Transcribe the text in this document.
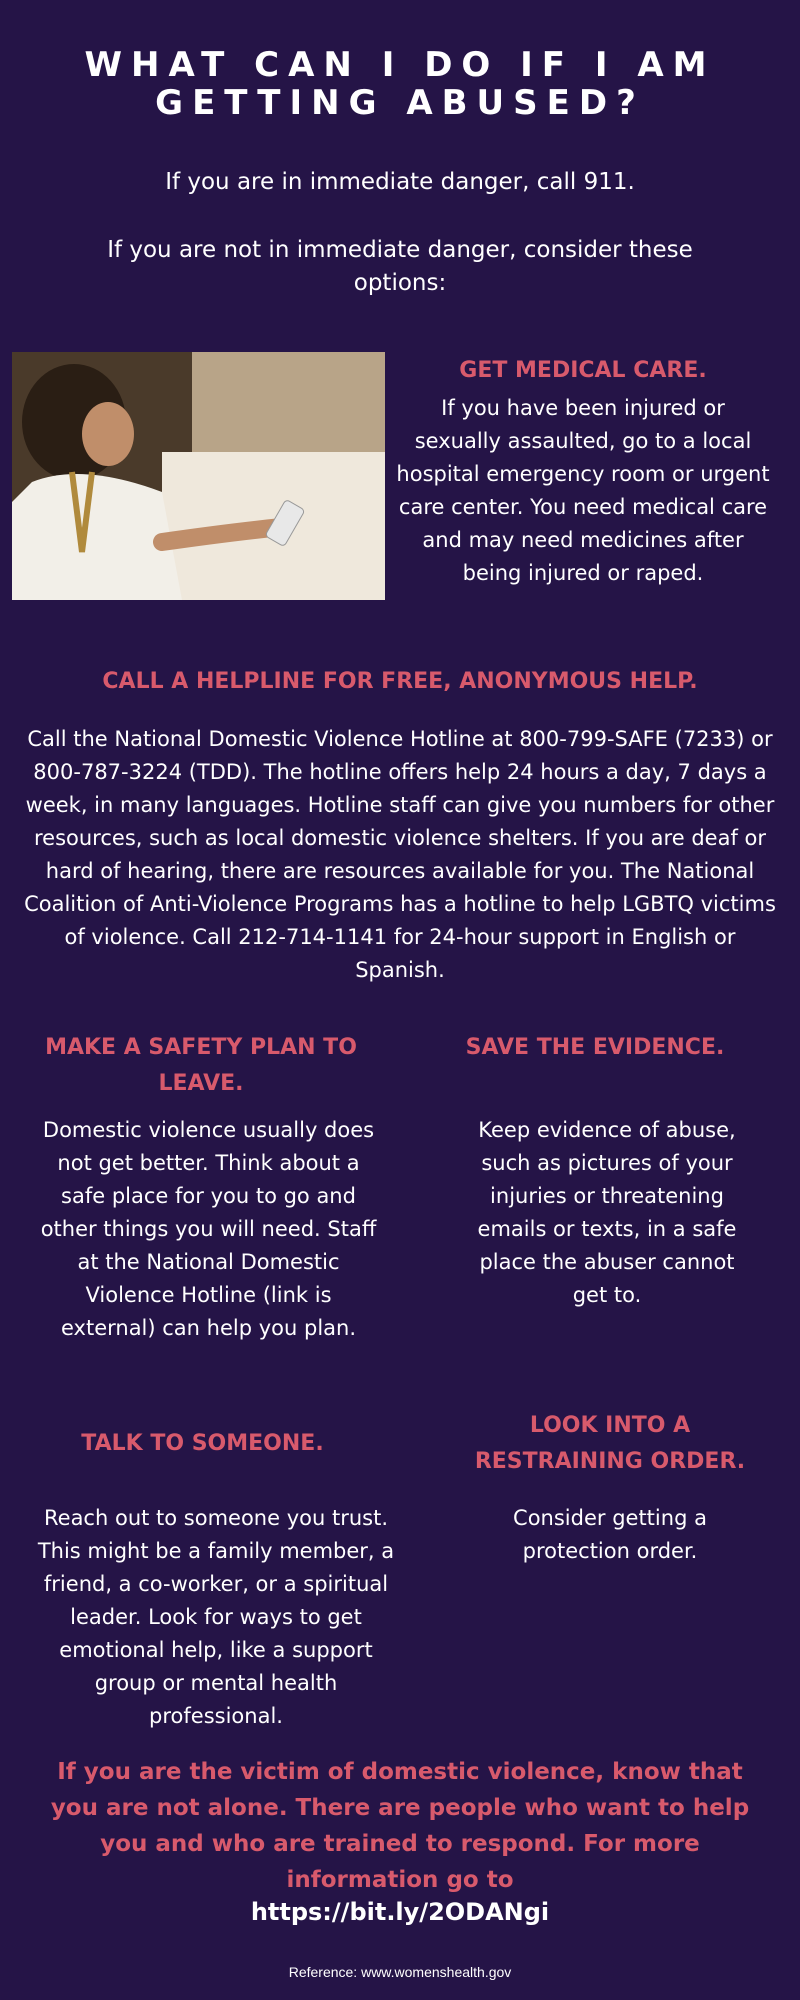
WHAT CAN I DO IF I AM GETTING ABUSED?

If you are in immediate danger, call 911.

If you are not in immediate danger, consider these options:

GET MEDICAL CARE.

If you have been injured or sexually assaulted, go to a local hospital emergency room or urgent care center. You need medical care and may need medicines after being injured or raped.

CALL A HELPLINE FOR FREE, ANONYMOUS HELP.

Call the National Domestic Violence Hotline at 800-799-SAFE (7233) or 800-787-3224 (TDD). The hotline offers help 24 hours a day, 7 days a week, in many languages. Hotline staff can give you numbers for other resources, such as local domestic violence shelters. If you are deaf or hard of hearing, there are resources available for you. The National Coalition of Anti-Violence Programs has a hotline to help LGBTQ victims of violence. Call 212-714-1141 for 24-hour support in English or Spanish.

MAKE A SAFETY PLAN TO LEAVE.

Domestic violence usually does not get better. Think about a safe place for you to go and other things you will need. Staff at the National Domestic Violence Hotline (link is external) can help you plan.

SAVE THE EVIDENCE.

Keep evidence of abuse, such as pictures of your injuries or threatening emails or texts, in a safe place the abuser cannot get to.

TALK TO SOMEONE.

Reach out to someone you trust. This might be a family member, a friend, a co-worker, or a spiritual leader. Look for ways to get emotional help, like a support group or mental health professional.

LOOK INTO A RESTRAINING ORDER.

Consider getting a protection order.

If you are the victim of domestic violence, know that you are not alone. There are people who want to help you and who are trained to respond. For more information go to

https://bit.ly/2ODANgi

Reference: www.womenshealth.gov
